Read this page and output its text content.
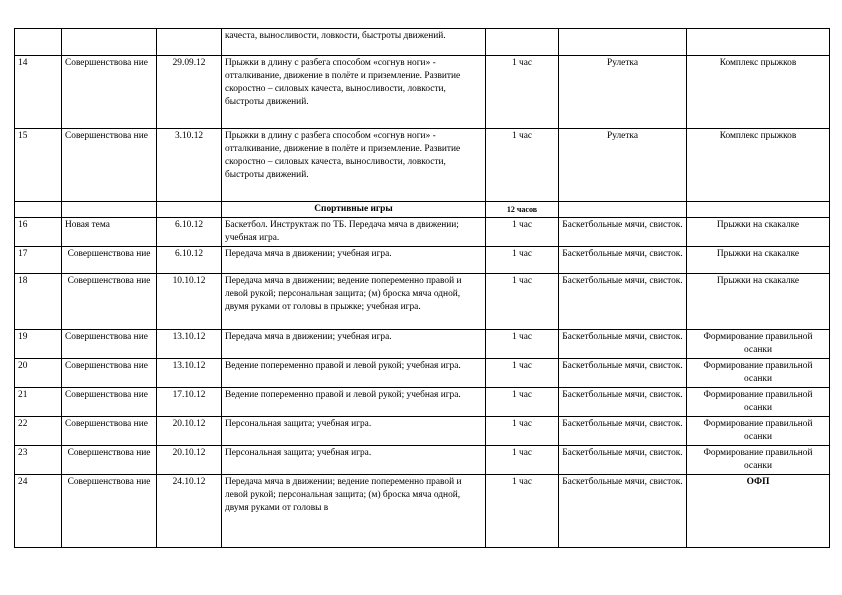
			качеста, выносливости, ловкости, быстроты движений.			
14	Совершенствова ние	29.09.12	Прыжки в длину с разбега способом «согнув ноги» - отталкивание, движение в полёте и приземление. Развитие скоростно – силовых качеста, выносливости, ловкости, быстроты движений.	1 час	Рулетка	Комплекс прыжков
15	Совершенствова ние	3.10.12	Прыжки в длину с разбега способом «согнув ноги» - отталкивание, движение в полёте и приземление. Развитие скоростно – силовых качеста, выносливости, ловкости, быстроты движений.	1 час	Рулетка	Комплекс прыжков
			Спортивные игры	12 часов		
16	Новая тема	6.10.12	Баскетбол. Инструктаж по ТБ. Передача мяча в движении; учебная игра.	1 час	Баскетбольные мячи, свисток.	Прыжки на скакалке
17	Совершенствова ние	6.10.12	Передача мяча в движении; учебная игра.	1 час	Баскетбольные мячи, свисток.	Прыжки на скакалке
18	Совершенствова ние	10.10.12	Передача мяча в движении; ведение попеременно правой и левой рукой; персональная защита; (м) броска мяча одной, двумя руками от головы в прыжке; учебная игра.	1 час	Баскетбольные мячи, свисток.	Прыжки на скакалке
19	Совершенствова ние	13.10.12	Передача мяча в движении; учебная игра.	1 час	Баскетбольные мячи, свисток.	Формирование правильной осанки
20	Совершенствова ние	13.10.12	Ведение попеременно правой и левой рукой; учебная игра.	1 час	Баскетбольные мячи, свисток.	Формирование правильной осанки
21	Совершенствова ние	17.10.12	Ведение попеременно правой и левой рукой; учебная игра.	1 час	Баскетбольные мячи, свисток.	Формирование правильной осанки
22	Совершенствова ние	20.10.12	Персональная защита; учебная игра.	1 час	Баскетбольные мячи, свисток.	Формирование правильной осанки
23	Совершенствова ние	20.10.12	Персональная защита; учебная игра.	1 час	Баскетбольные мячи, свисток.	Формирование правильной осанки
24	Совершенствова ние	24.10.12	Передача мяча в движении; ведение попеременно правой и левой рукой; персональная защита; (м) броска мяча одной, двумя руками от головы в	1 час	Баскетбольные мячи, свисток.	ОФП
